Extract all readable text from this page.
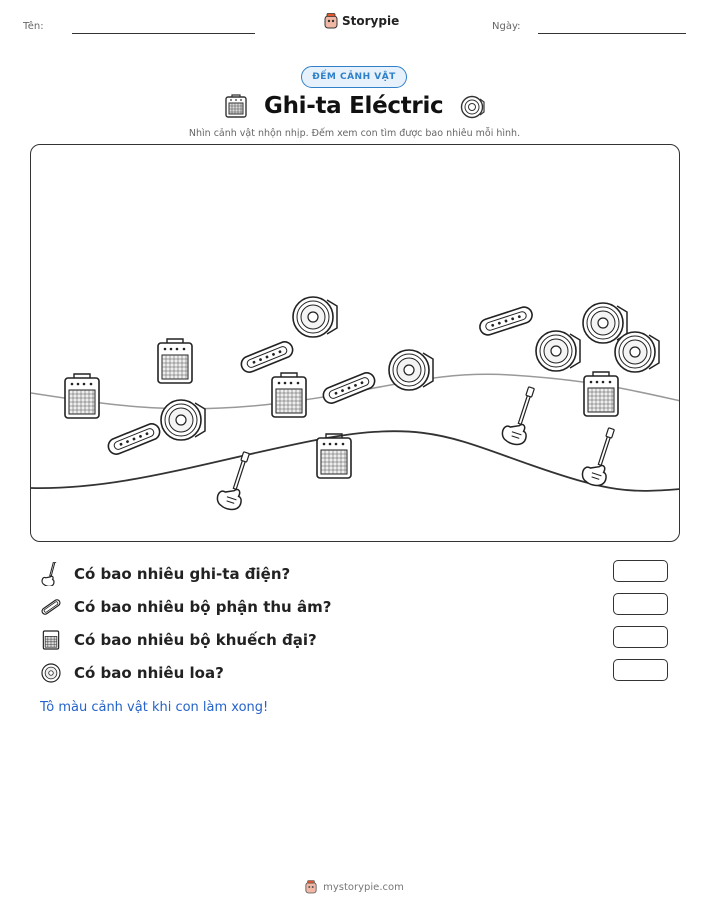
Tên:	Storypie	Ngày:
ĐẾM CẢNH VẬT
Ghi-ta Eléctric
Nhìn cảnh vật nhộn nhịp. Đếm xem con tìm được bao nhiêu mỗi hình.
Có bao nhiêu ghi-ta điện?
Có bao nhiêu bộ phận thu âm?
Có bao nhiêu bộ khuếch đại?
Có bao nhiêu loa?
Tô màu cảnh vật khi con làm xong!
mystorypie.com
